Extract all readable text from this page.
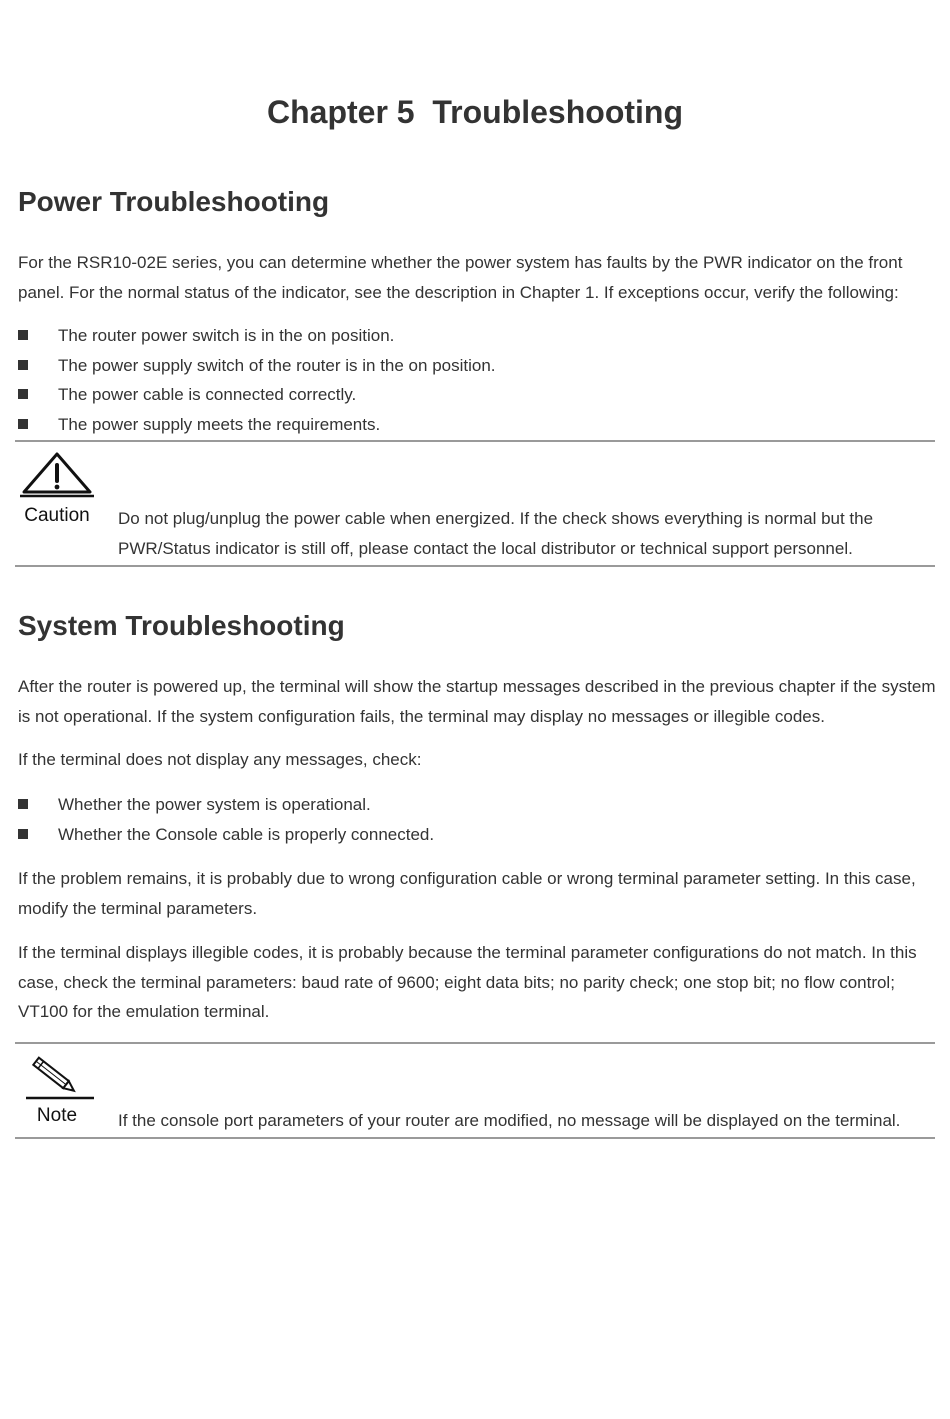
Chapter 5  Troubleshooting
Power Troubleshooting
For the RSR10-02E series, you can determine whether the power system has faults by the PWR indicator on the front panel. For the normal status of the indicator, see the description in Chapter 1. If exceptions occur, verify the following:
The router power switch is in the on position.
The power supply switch of the router is in the on position.
The power cable is connected correctly.
The power supply meets the requirements.
Caution	Do not plug/unplug the power cable when energized. If the check shows everything is normal but the PWR/Status indicator is still off, please contact the local distributor or technical support personnel.
System Troubleshooting
After the router is powered up, the terminal will show the startup messages described in the previous chapter if the system is not operational. If the system configuration fails, the terminal may display no messages or illegible codes.
If the terminal does not display any messages, check:
Whether the power system is operational.
Whether the Console cable is properly connected.
If the problem remains, it is probably due to wrong configuration cable or wrong terminal parameter setting. In this case, modify the terminal parameters.
If the terminal displays illegible codes, it is probably because the terminal parameter configurations do not match. In this case, check the terminal parameters: baud rate of 9600; eight data bits; no parity check; one stop bit; no flow control; VT100 for the emulation terminal.
Note	If the console port parameters of your router are modified, no message will be displayed on the terminal.
